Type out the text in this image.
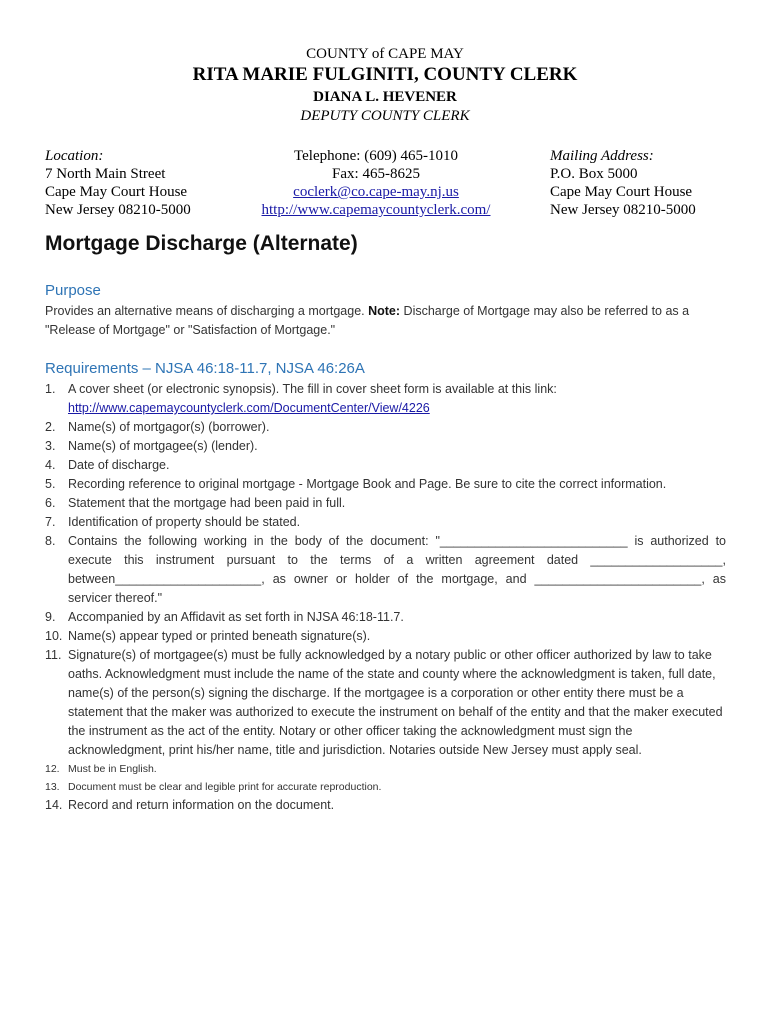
COUNTY of CAPE MAY
RITA MARIE FULGINITI, COUNTY CLERK
DIANA L. HEVENER
DEPUTY COUNTY CLERK
Location:
7 North Main Street
Cape May Court House
New Jersey 08210-5000
Telephone: (609) 465-1010
Fax: 465-8625
coclerk@co.cape-may.nj.us
http://www.capemaycountyclerk.com/
Mailing Address:
P.O. Box 5000
Cape May Court House
New Jersey 08210-5000
Mortgage Discharge (Alternate)
Purpose
Provides an alternative means of discharging a mortgage. Note: Discharge of Mortgage may also be referred to as a "Release of Mortgage" or "Satisfaction of Mortgage."
Requirements – NJSA 46:18-11.7, NJSA 46:26A
1. A cover sheet (or electronic synopsis). The fill in cover sheet form is available at this link:
http://www.capemaycountyclerk.com/DocumentCenter/View/4226
2. Name(s) of mortgagor(s) (borrower).
3. Name(s) of mortgagee(s) (lender).
4. Date of discharge.
5. Recording reference to original mortgage - Mortgage Book and Page. Be sure to cite the correct information.
6. Statement that the mortgage had been paid in full.
7. Identification of property should be stated.
8. Contains the following working in the body of the document: "___________________________ is authorized to execute this instrument pursuant to the terms of a written agreement dated ___________________, between_____________________, as owner or holder of the mortgage, and ________________________, as servicer thereof."
9. Accompanied by an Affidavit as set forth in NJSA 46:18-11.7.
10. Name(s) appear typed or printed beneath signature(s).
11. Signature(s) of mortgagee(s) must be fully acknowledged by a notary public or other officer authorized by law to take oaths. Acknowledgment must include the name of the state and county where the acknowledgment is taken, full date, name(s) of the person(s) signing the discharge. If the mortgagee is a corporation or other entity there must be a statement that the maker was authorized to execute the instrument on behalf of the entity and that the maker executed the instrument as the act of the entity. Notary or other officer taking the acknowledgment must sign the acknowledgment, print his/her name, title and jurisdiction. Notaries outside New Jersey must apply seal.
12. Must be in English.
13. Document must be clear and legible print for accurate reproduction.
14. Record and return information on the document.
